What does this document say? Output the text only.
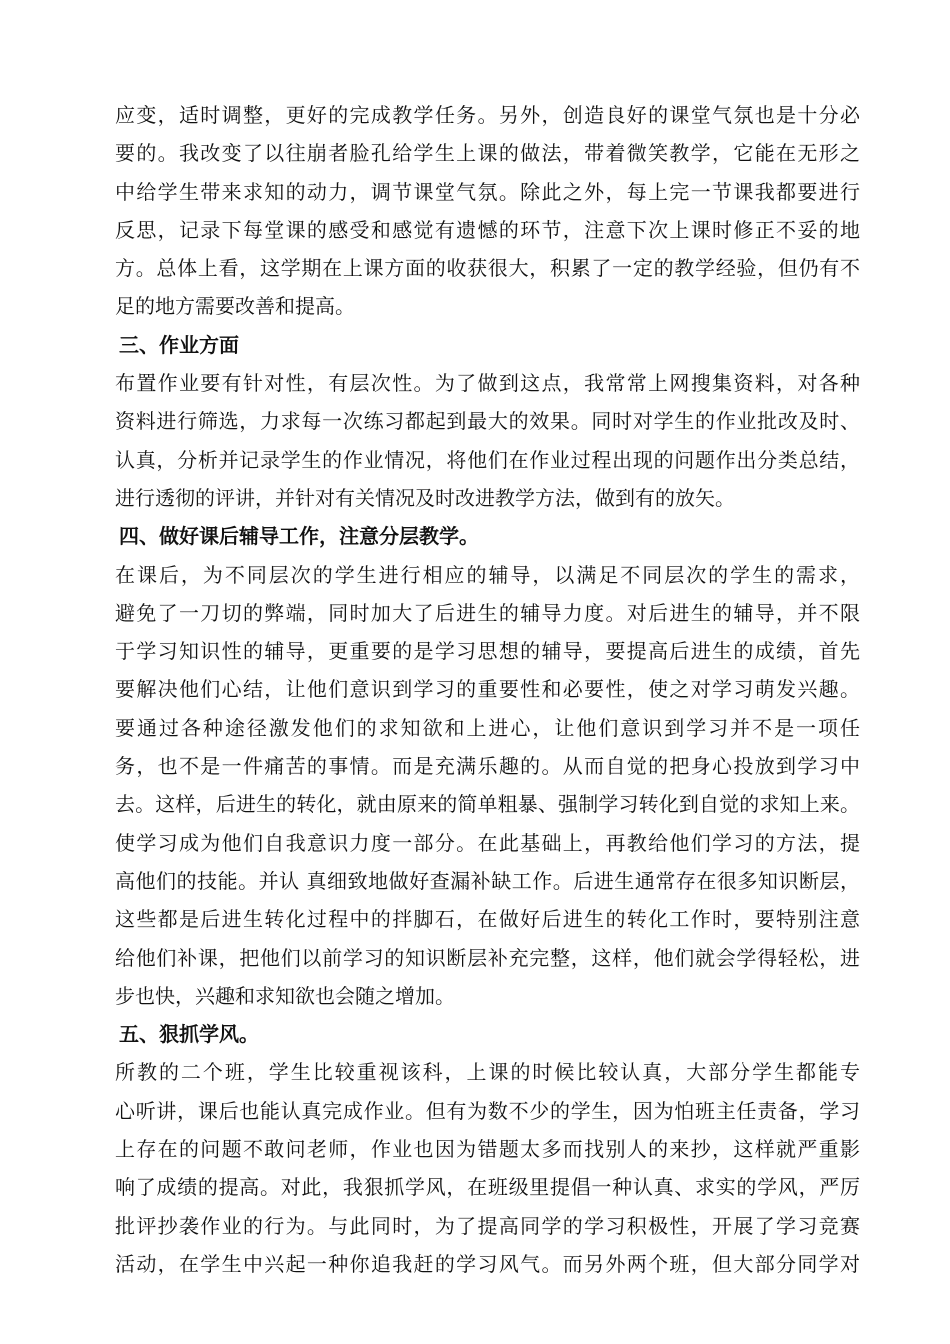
应变，适时调整，更好的完成教学任务。另外，创造良好的课堂气氛也是十分必
要的。我改变了以往崩者脸孔给学生上课的做法，带着微笑教学，它能在无形之
中给学生带来求知的动力，调节课堂气氛。除此之外，每上完一节课我都要进行
反思，记录下每堂课的感受和感觉有遗憾的环节，注意下次上课时修正不妥的地
方。总体上看，这学期在上课方面的收获很大，积累了一定的教学经验，但仍有不
足的地方需要改善和提高。
三、作业方面
布置作业要有针对性，有层次性。为了做到这点，我常常上网搜集资料，对各种
资料进行筛选，力求每一次练习都起到最大的效果。同时对学生的作业批改及时、
认真，分析并记录学生的作业情况，将他们在作业过程出现的问题作出分类总结，
进行透彻的评讲，并针对有关情况及时改进教学方法，做到有的放矢。
四、做好课后辅导工作，注意分层教学。
在课后，为不同层次的学生进行相应的辅导，以满足不同层次的学生的需求，
避免了一刀切的弊端，同时加大了后进生的辅导力度。对后进生的辅导，并不限
于学习知识性的辅导，更重要的是学习思想的辅导，要提高后进生的成绩，首先
要解决他们心结，让他们意识到学习的重要性和必要性，使之对学习萌发兴趣。
要通过各种途径激发他们的求知欲和上进心，让他们意识到学习并不是一项任
务，也不是一件痛苦的事情。而是充满乐趣的。从而自觉的把身心投放到学习中
去。这样，后进生的转化，就由原来的简单粗暴、强制学习转化到自觉的求知上来。
使学习成为他们自我意识力度一部分。在此基础上，再教给他们学习的方法，提
高他们的技能。并认 真细致地做好查漏补缺工作。后进生通常存在很多知识断层，
这些都是后进生转化过程中的拌脚石，在做好后进生的转化工作时，要特别注意
给他们补课，把他们以前学习的知识断层补充完整，这样，他们就会学得轻松，进
步也快，兴趣和求知欲也会随之增加。
五、狠抓学风。
所教的二个班，学生比较重视该科，上课的时候比较认真，大部分学生都能专
心听讲，课后也能认真完成作业。但有为数不少的学生，因为怕班主任责备，学习
上存在的问题不敢问老师，作业也因为错题太多而找别人的来抄，这样就严重影
响了成绩的提高。对此，我狠抓学风，在班级里提倡一种认真、求实的学风，严厉
批评抄袭作业的行为。与此同时，为了提高同学的学习积极性，开展了学习竞赛
活动，在学生中兴起一种你追我赶的学习风气。而另外两个班，但大部分同学对
